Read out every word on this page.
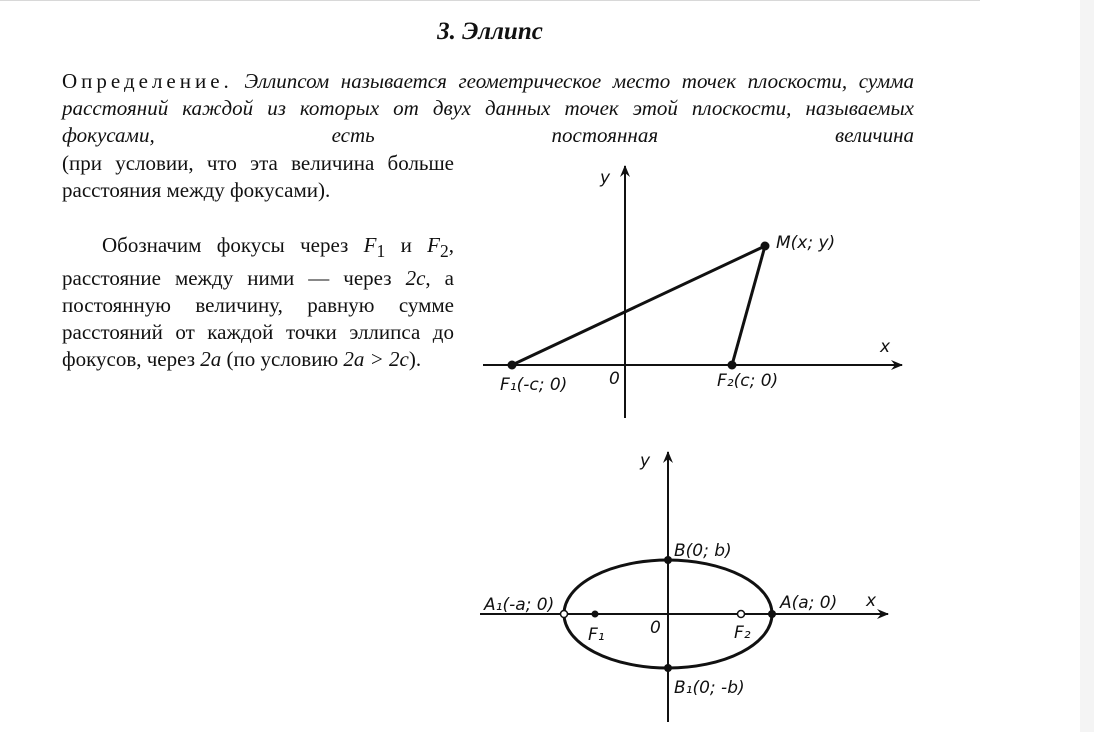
3. Эллипс

Определение. Эллипсом называется геометрическое место точек плоскости, сумма расстояний каждой из которых от двух данных точек этой плоскости, называемых фокусами, есть постоянная величина

(при условии, что эта величина больше расстояния между фокусами).

Обозначим фокусы через $F_1$ и $F_2$, расстояние между ними — через 2c, а постоянную величину, равную сумме расстояний от каждой точки эллипса до фокусов, через 2a (по условию 2a > 2c).

y
x
0
M(x; y)
F₁(-c; 0)	F₂(c; 0)
y
x
0
B(0; b)
B₁(0; -b)
A(a; 0)
A₁(-a; 0)
F₁	F₂
